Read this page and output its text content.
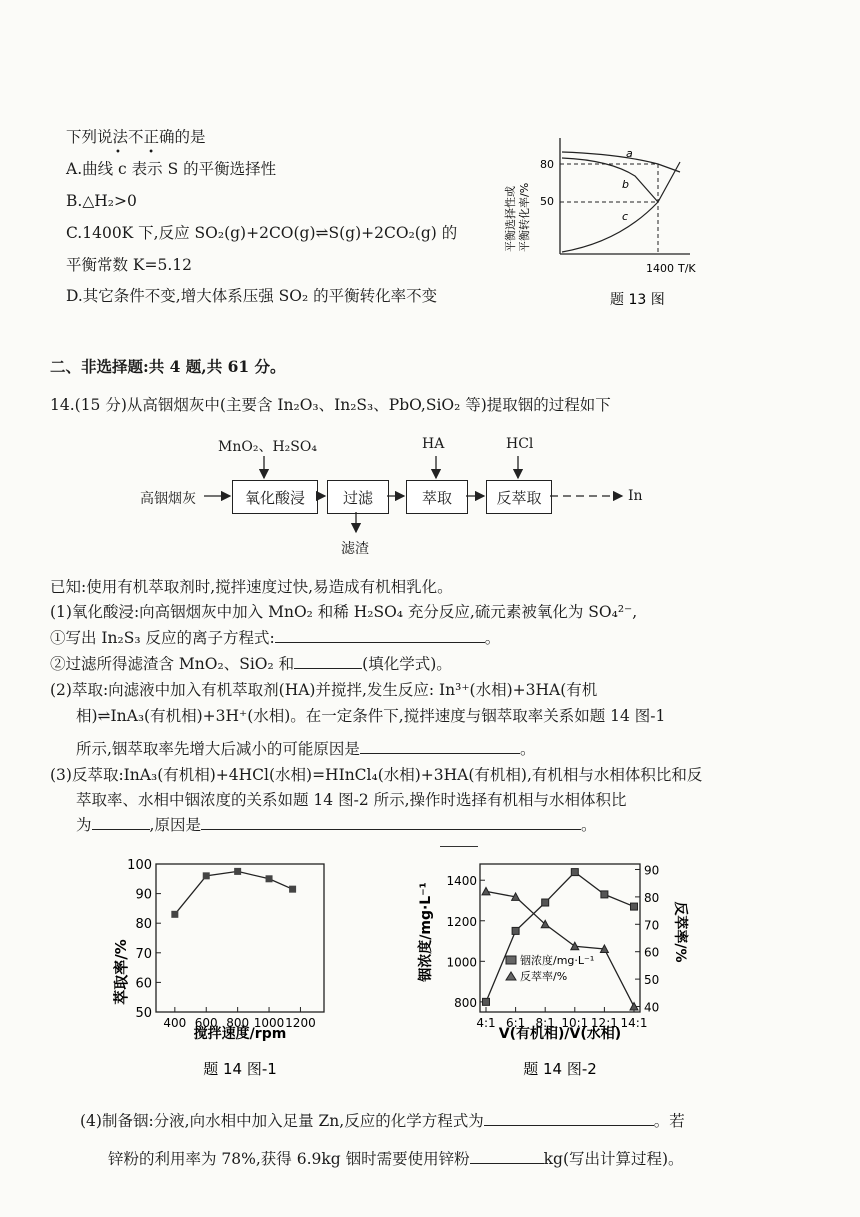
下列说法不正确的是
• •
A.曲线 c 表示 S 的平衡选择性
B.△H₂>0
C.1400K 下,反应 SO₂(g)+2CO(g)⇌S(g)+2CO₂(g) 的
平衡常数 K=5.12
D.其它条件不变,增大体系压强 SO₂ 的平衡转化率不变
平衡选择性或 平衡转化率/%
80
50
a
b
c
1400 T/K
题 13 图
二、非选择题:共 4 题,共 61 分。
14.(15 分)从高铟烟灰中(主要含 In₂O₃、In₂S₃、PbO,SiO₂ 等)提取铟的过程如下
MnO₂、H₂SO₄	HA	HCl
高铟烟灰	氧化酸浸	过滤	萃取	反萃取
滤渣
In
已知:使用有机萃取剂时,搅拌速度过快,易造成有机相乳化。
(1)氧化酸浸:向高铟烟灰中加入 MnO₂ 和稀 H₂SO₄ 充分反应,硫元素被氧化为 SO₄²⁻,
①写出 In₂S₃ 反应的离子方程式:	。
②过滤所得滤渣含 MnO₂、SiO₂ 和	(填化学式)。
(2)萃取:向滤液中加入有机萃取剂(HA)并搅拌,发生反应: In³⁺(水相)+3HA(有机
相)⇌InA₃(有机相)+3H⁺(水相)。在一定条件下,搅拌速度与铟萃取率关系如题 14 图-1
所示,铟萃取率先增大后减小的可能原因是	。
(3)反萃取:InA₃(有机相)+4HCl(水相)=HInCl₄(水相)+3HA(有机相),有机相与水相体积比和反
萃取率、水相中铟浓度的关系如题 14 图-2 所示,操作时选择有机相与水相体积比
为	,原因是	。
萃取率/%
50
60
70
80
90
100
400 600 800 1000 1200
搅拌速度/rpm
题 14 图-1
铟浓度/mg·L⁻¹	反萃率/%
800
1000
1200
1400
40
50
60
70
80
90
4:1 6:1 8:1 10:1 12:1 14:1
铟浓度/mg·L⁻¹
反萃率/%
V(有机相)/V(水相)
题 14 图-2
(4)制备铟:分液,向水相中加入足量 Zn,反应的化学方程式为	。若
锌粉的利用率为 78%,获得 6.9kg 铟时需要使用锌粉	kg(写出计算过程)。
